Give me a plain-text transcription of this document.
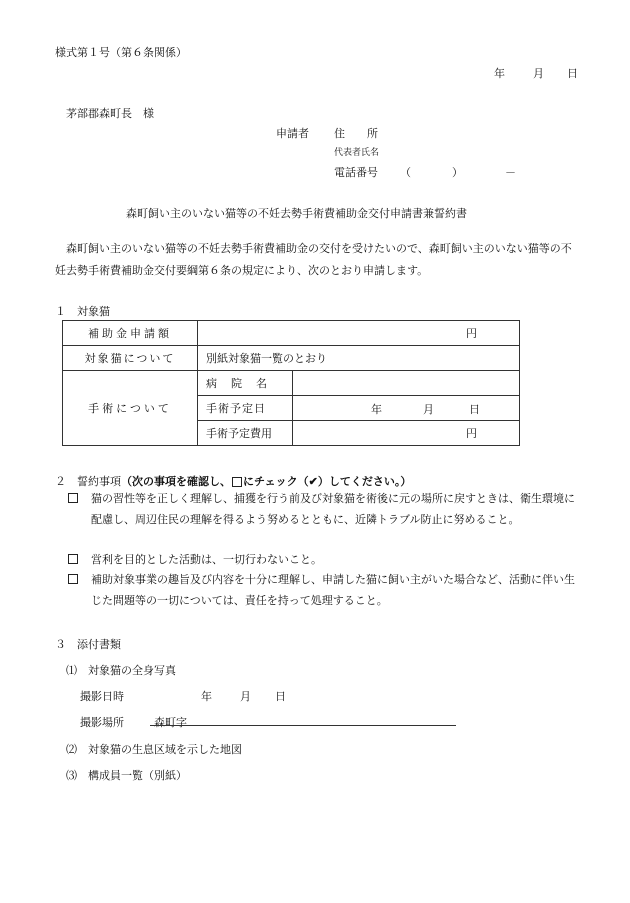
様式第１号（第６条関係）
年	月 日
茅部郡森町長　様
申請者 住　　所
代表者氏名
電話番号 （	）	－
森町飼い主のいない猫等の不妊去勢手術費補助金交付申請書兼誓約書
森町飼い主のいない猫等の不妊去勢手術費補助金の交付を受けたいので、森町飼い主のいない猫等の不妊去勢手術費補助金交付要綱第６条の規定により、次のとおり申請します。
１　対象猫
補助金申請額	円	
対象猫について	別紙対象猫一覧のとおり	
手術について	病院名	
	手術予定日	年 月 日

	手術予定費用	円
２　誓約事項（次の事項を確認し、 にチェック（✔）してください。）
猫の習性等を正しく理解し、捕獲を行う前及び対象猫を術後に元の場所に戻すときは、衛生環境に配慮し、周辺住民の理解を得るよう努めるとともに、近隣トラブル防止に努めること。
営利を目的とした活動は、一切行わないこと。
補助対象事業の趣旨及び内容を十分に理解し、申請した猫に飼い主がいた場合など、活動に伴い生じた問題等の一切については、責任を持って処理すること。
３　添付書類
⑴　対象猫の全身写真
撮影日時	年	月 日
撮影場所	森町字
⑵　対象猫の生息区域を示した地図
⑶　構成員一覧（別紙）
